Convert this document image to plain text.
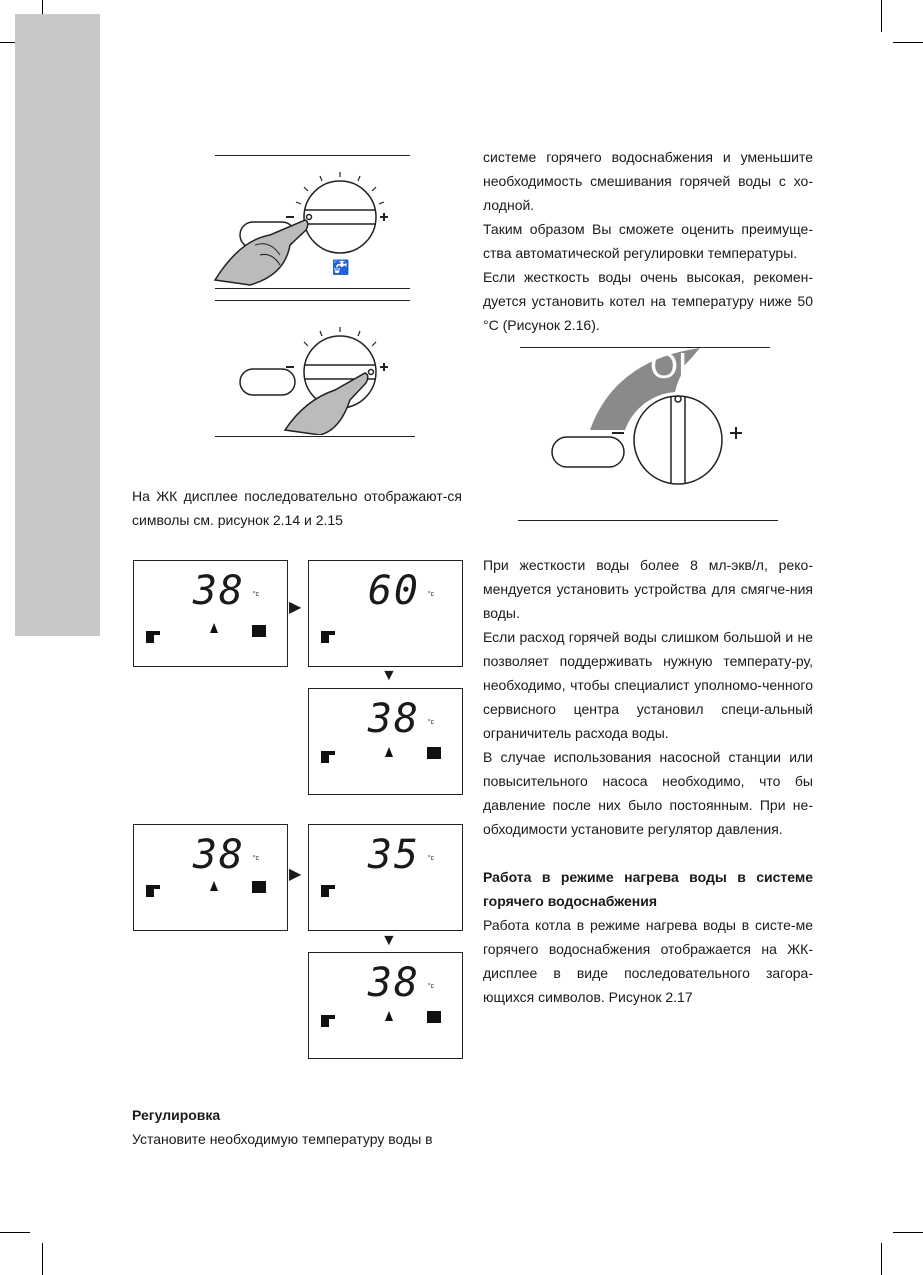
🚰

На ЖК дисплее последовательно отображают-ся символы см. рисунок 2.14 и 2.15

38 °c
▶ 60 °c
▼
38 °c
38 °c
▶ 35 °c
▼
38 °c

Регулировка

Установите необходимую температуру воды в

системе горячего водоснабжения и уменьшите необходимость смешивания горячей воды с хо-лодной.

Таким образом Вы сможете оценить преимуще-ства автоматической регулировки температуры.

Если жесткость воды очень высокая, рекомен-дуется установить котел на температуру ниже 50 °C (Рисунок 2.16).

OK

При жесткости воды более 8 мл-экв/л, реко-мендуется установить устройства для смягче-ния воды.

Если расход горячей воды слишком большой и не позволяет поддерживать нужную температу-ру, необходимо, чтобы специалист уполномо-ченного сервисного центра установил специ-альный ограничитель расхода воды.

В случае использования насосной станции или повысительного насоса необходимо, что бы давление после них было постоянным. При не-обходимости установите регулятор давления.

Работа в режиме нагрева воды в системе горячего водоснабжения

Работа котла в режиме нагрева воды в систе-ме горячего водоснабжения отображается на ЖК-дисплее в виде последовательного загора-ющихся символов. Рисунок 2.17
